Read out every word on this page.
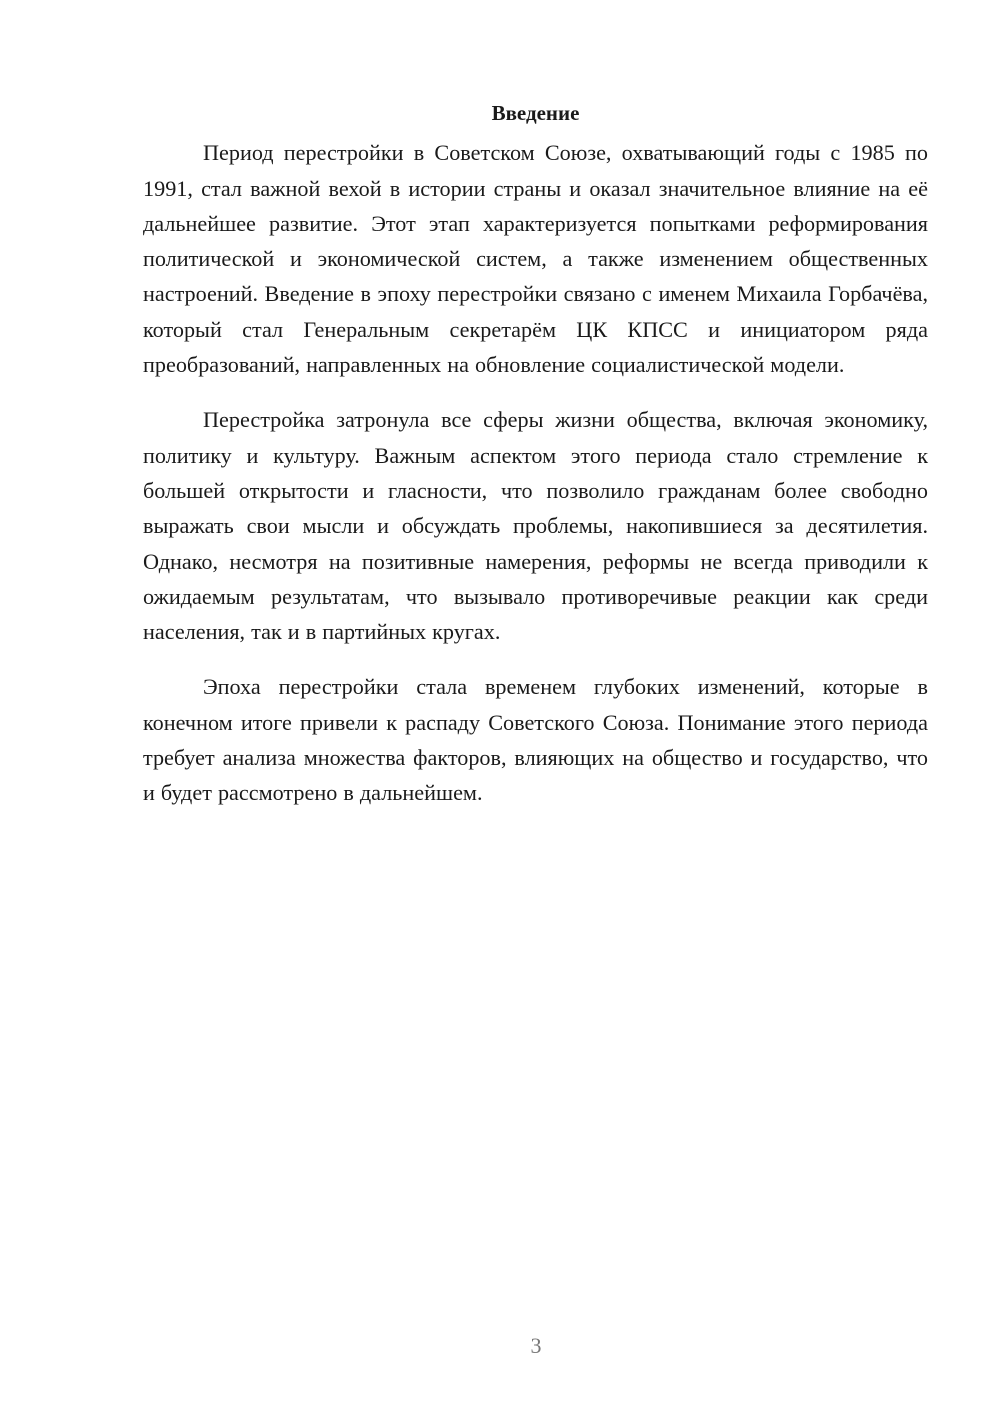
Введение

Период перестройки в Советском Союзе, охватывающий годы с 1985 по 1991, стал важной вехой в истории страны и оказал значительное влияние на её дальнейшее развитие. Этот этап характеризуется попытками реформирования политической и экономической систем, а также изменением общественных настроений. Введение в эпоху перестройки связано с именем Михаила Горбачёва, который стал Генеральным секретарём ЦК КПСС и инициатором ряда преобразований, направленных на обновление социалистической модели.

Перестройка затронула все сферы жизни общества, включая экономику, политику и культуру. Важным аспектом этого периода стало стремление к большей открытости и гласности, что позволило гражданам более свободно выражать свои мысли и обсуждать проблемы, накопившиеся за десятилетия. Однако, несмотря на позитивные намерения, реформы не всегда приводили к ожидаемым результатам, что вызывало противоречивые реакции как среди населения, так и в партийных кругах.

Эпоха перестройки стала временем глубоких изменений, которые в конечном итоге привели к распаду Советского Союза. Понимание этого периода требует анализа множества факторов, влияющих на общество и государство, что и будет рассмотрено в дальнейшем.

3
